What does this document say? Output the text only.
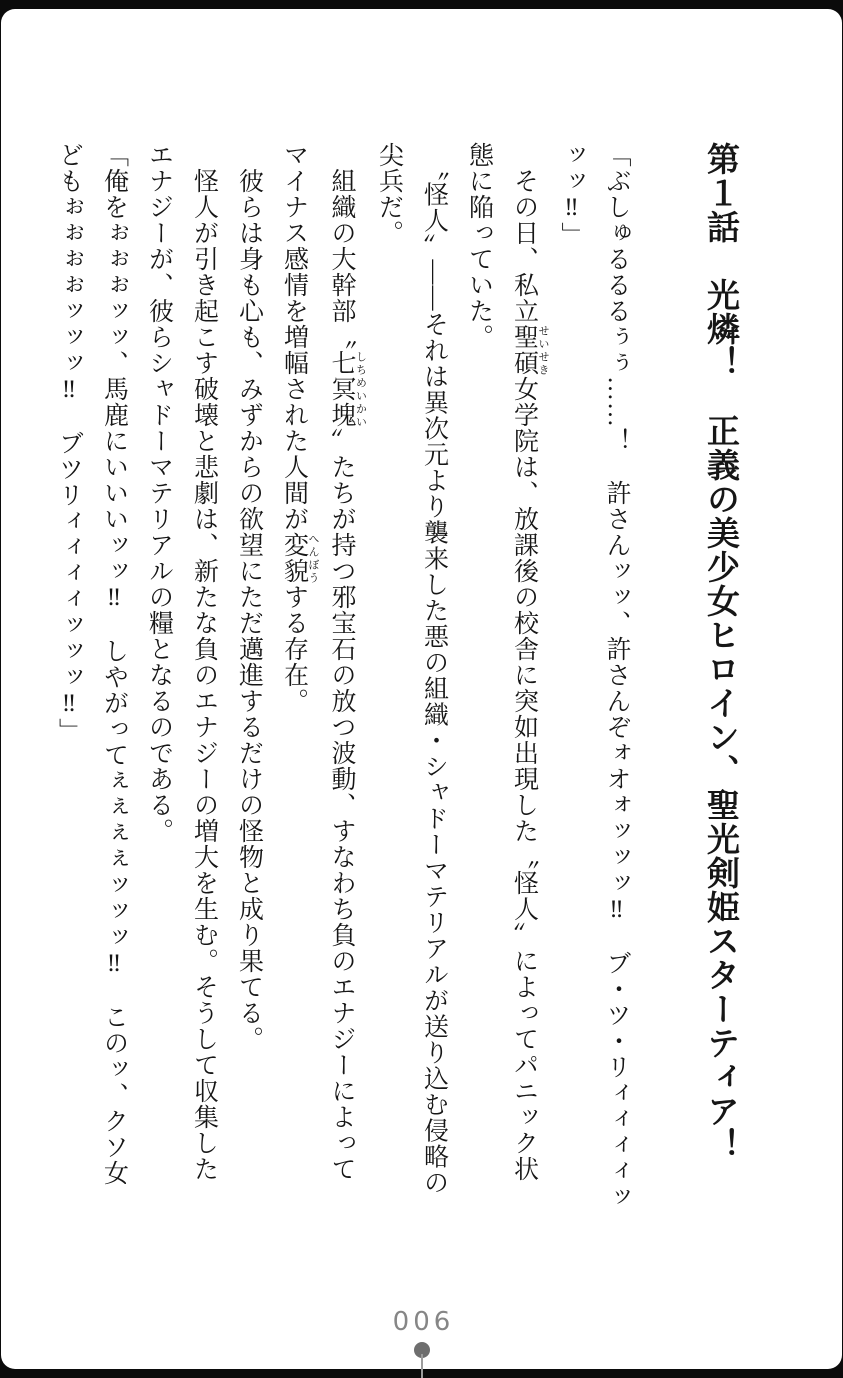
第１話　光燐！　正義の美少女ヒロイン、聖光剣姫スターティア！
「ぶしゅるるるぅぅ……！　許さんッッ、許さんぞォオォッッッ‼　ブ・ツ・リィィィィッ
ッッ‼」
　その日、私立聖碩 せいせき女学院は、放課後の校舎に突如出現した〝怪人〟によってパニック状
態に陥っていた。
　〝怪人〟――それは異次元より襲来した悪の組織・シャドーマテリアルが送り込む侵略の
尖兵だ。
　組織の大幹部〝七冥塊 しちめいかい〟たちが持つ邪宝石の放つ波動、すなわち負のエナジーによって
マイナス感情を増幅された人間が変貌 へんぼうする存在。
　彼らは身も心も、みずからの欲望にただ邁進するだけの怪物と成り果てる。
　怪人が引き起こす破壊と悲劇は、新たな負のエナジーの増大を生む。そうして収集した
エナジーが、彼らシャドーマテリアルの糧となるのである。
「俺をぉぉぉッッ、馬鹿にいいいッッ‼　しやがってぇぇぇぇッッッ‼　このッ、クソ女
どもぉぉぉぉッッッ‼　ブツリィィィィッッッ‼」
006
